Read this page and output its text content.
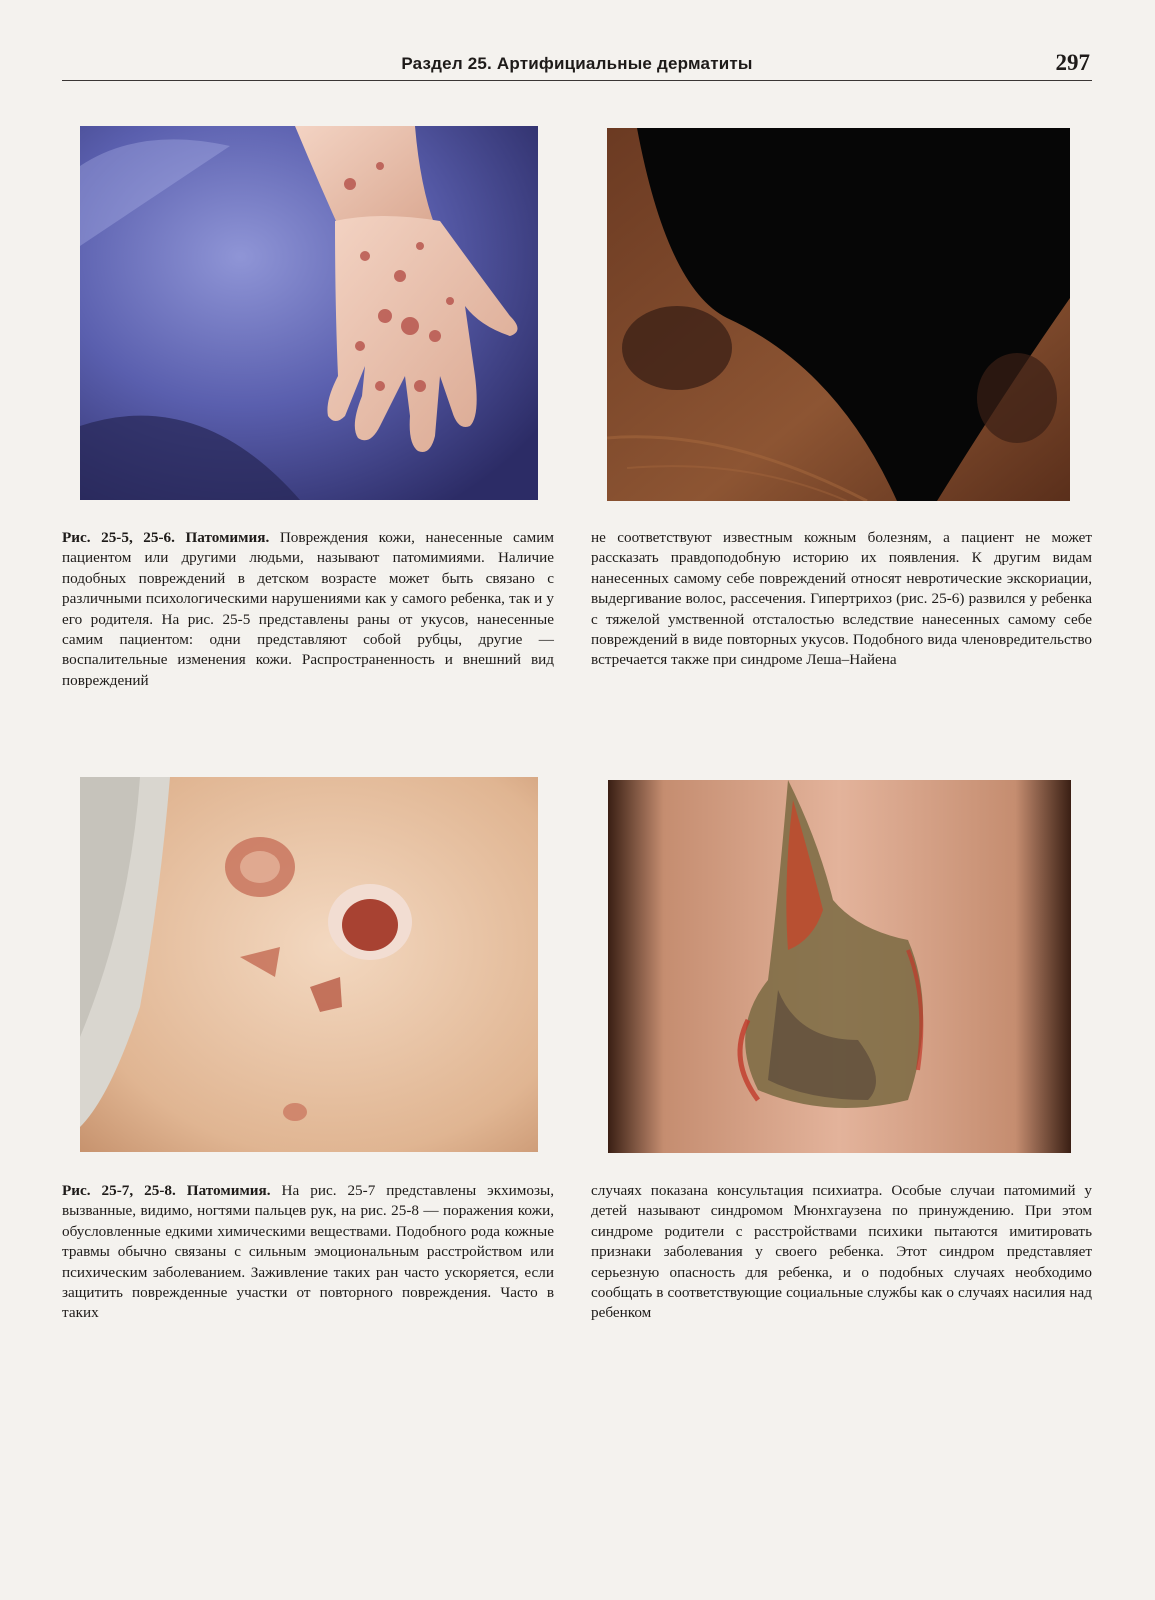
Раздел 25. Артифициальные дерматиты	297
Рис. 25-5, 25-6. Патомимия. Повреждения кожи, нанесенные самим пациентом или другими людьми, называют патомимиями. Наличие подобных повреждений в детском возрасте может быть связано с различными психологическими нарушениями как у самого ребенка, так и у его родителя. На рис. 25-5 представлены раны от укусов, нанесенные самим пациентом: одни представляют собой рубцы, другие — воспалительные изменения кожи. Распространенность и внешний вид повреждений
не соответствуют известным кожным болезням, а пациент не может рассказать правдоподобную историю их появления. К другим видам нанесенных самому себе повреждений относят невротические экскориации, выдергивание волос, рассечения. Гипертрихоз (рис. 25-6) развился у ребенка с тяжелой умственной отсталостью вследствие нанесенных самому себе повреждений в виде повторных укусов. Подобного вида членовредительство встречается также при синдроме Леша–Найена
Рис. 25-7, 25-8. Патомимия. На рис. 25-7 представлены экхимозы, вызванные, видимо, ногтями пальцев рук, на рис. 25-8 — поражения кожи, обусловленные едкими химическими веществами. Подобного рода кожные травмы обычно связаны с сильным эмоциональным расстройством или психическим заболеванием. Заживление таких ран часто ускоряется, если защитить поврежденные участки от повторного повреждения. Часто в таких
случаях показана консультация психиатра. Особые случаи патомимий у детей называют синдромом Мюнхгаузена по принуждению. При этом синдроме родители с расстройствами психики пытаются имитировать признаки заболевания у своего ребенка. Этот синдром представляет серьезную опасность для ребенка, и о подобных случаях необходимо сообщать в соответствующие социальные службы как о случаях насилия над ребенком
